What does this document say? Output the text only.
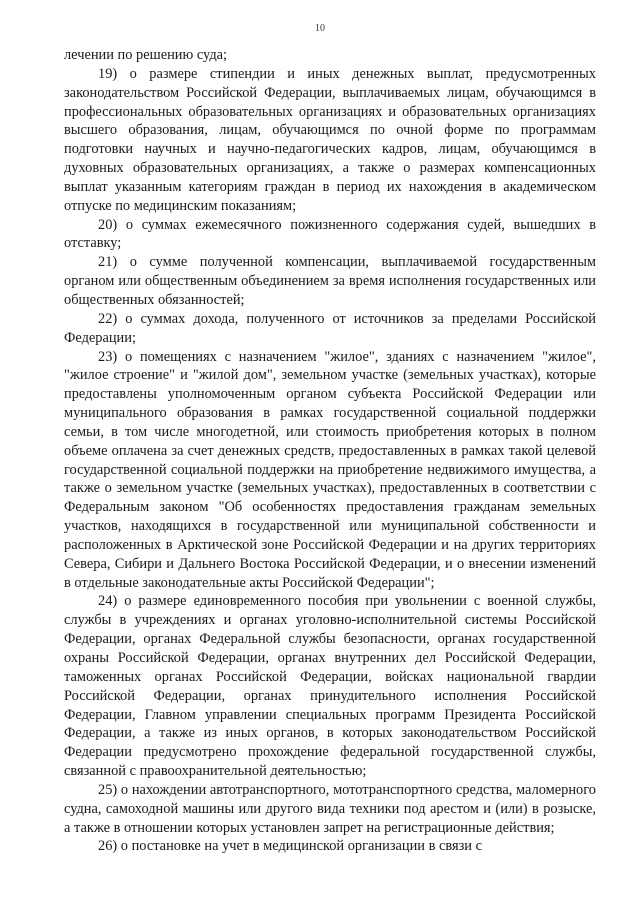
10

лечении по решению суда;

19) о размере стипендии и иных денежных выплат, предусмотренных законодательством Российской Федерации, выплачиваемых лицам, обучающимся в профессиональных образовательных организациях и образовательных организациях высшего образования, лицам, обучающимся по очной форме по программам подготовки научных и научно-педагогических кадров, лицам, обучающимся в духовных образовательных организациях, а также о размерах компенсационных выплат указанным категориям граждан в период их нахождения в академическом отпуске по медицинским показаниям;

20) о суммах ежемесячного пожизненного содержания судей, вышедших в отставку;

21) о сумме полученной компенсации, выплачиваемой государственным органом или общественным объединением за время исполнения государственных или общественных обязанностей;

22) о суммах дохода, полученного от источников за пределами Российской Федерации;

23) о помещениях с назначением "жилое", зданиях с назначением "жилое", "жилое строение" и "жилой дом", земельном участке (земельных участках), которые предоставлены уполномоченным органом субъекта Российской Федерации или муниципального образования в рамках государственной социальной поддержки семьи, в том числе многодетной, или стоимость приобретения которых в полном объеме оплачена за счет денежных средств, предоставленных в рамках такой целевой государственной социальной поддержки на приобретение недвижимого имущества, а также о земельном участке (земельных участках), предоставленных в соответствии с Федеральным законом "Об особенностях предоставления гражданам земельных участков, находящихся в государственной или муниципальной собственности и расположенных в Арктической зоне Российской Федерации и на других территориях Севера, Сибири и Дальнего Востока Российской Федерации, и о внесении изменений в отдельные законодательные акты Российской Федерации";

24) о размере единовременного пособия при увольнении с военной службы, службы в учреждениях и органах уголовно-исполнительной системы Российской Федерации, органах Федеральной службы безопасности, органах государственной охраны Российской Федерации, органах внутренних дел Российской Федерации, таможенных органах Российской Федерации, войсках национальной гвардии Российской Федерации, органах принудительного исполнения Российской Федерации, Главном управлении специальных программ Президента Российской Федерации, а также из иных органов, в которых законодательством Российской Федерации предусмотрено прохождение федеральной государственной службы, связанной с правоохранительной деятельностью;

25) о нахождении автотранспортного, мототранспортного средства, маломерного судна, самоходной машины или другого вида техники под арестом и (или) в розыске, а также в отношении которых установлен запрет на регистрационные действия;

26) о постановке на учет в медицинской организации в связи с
